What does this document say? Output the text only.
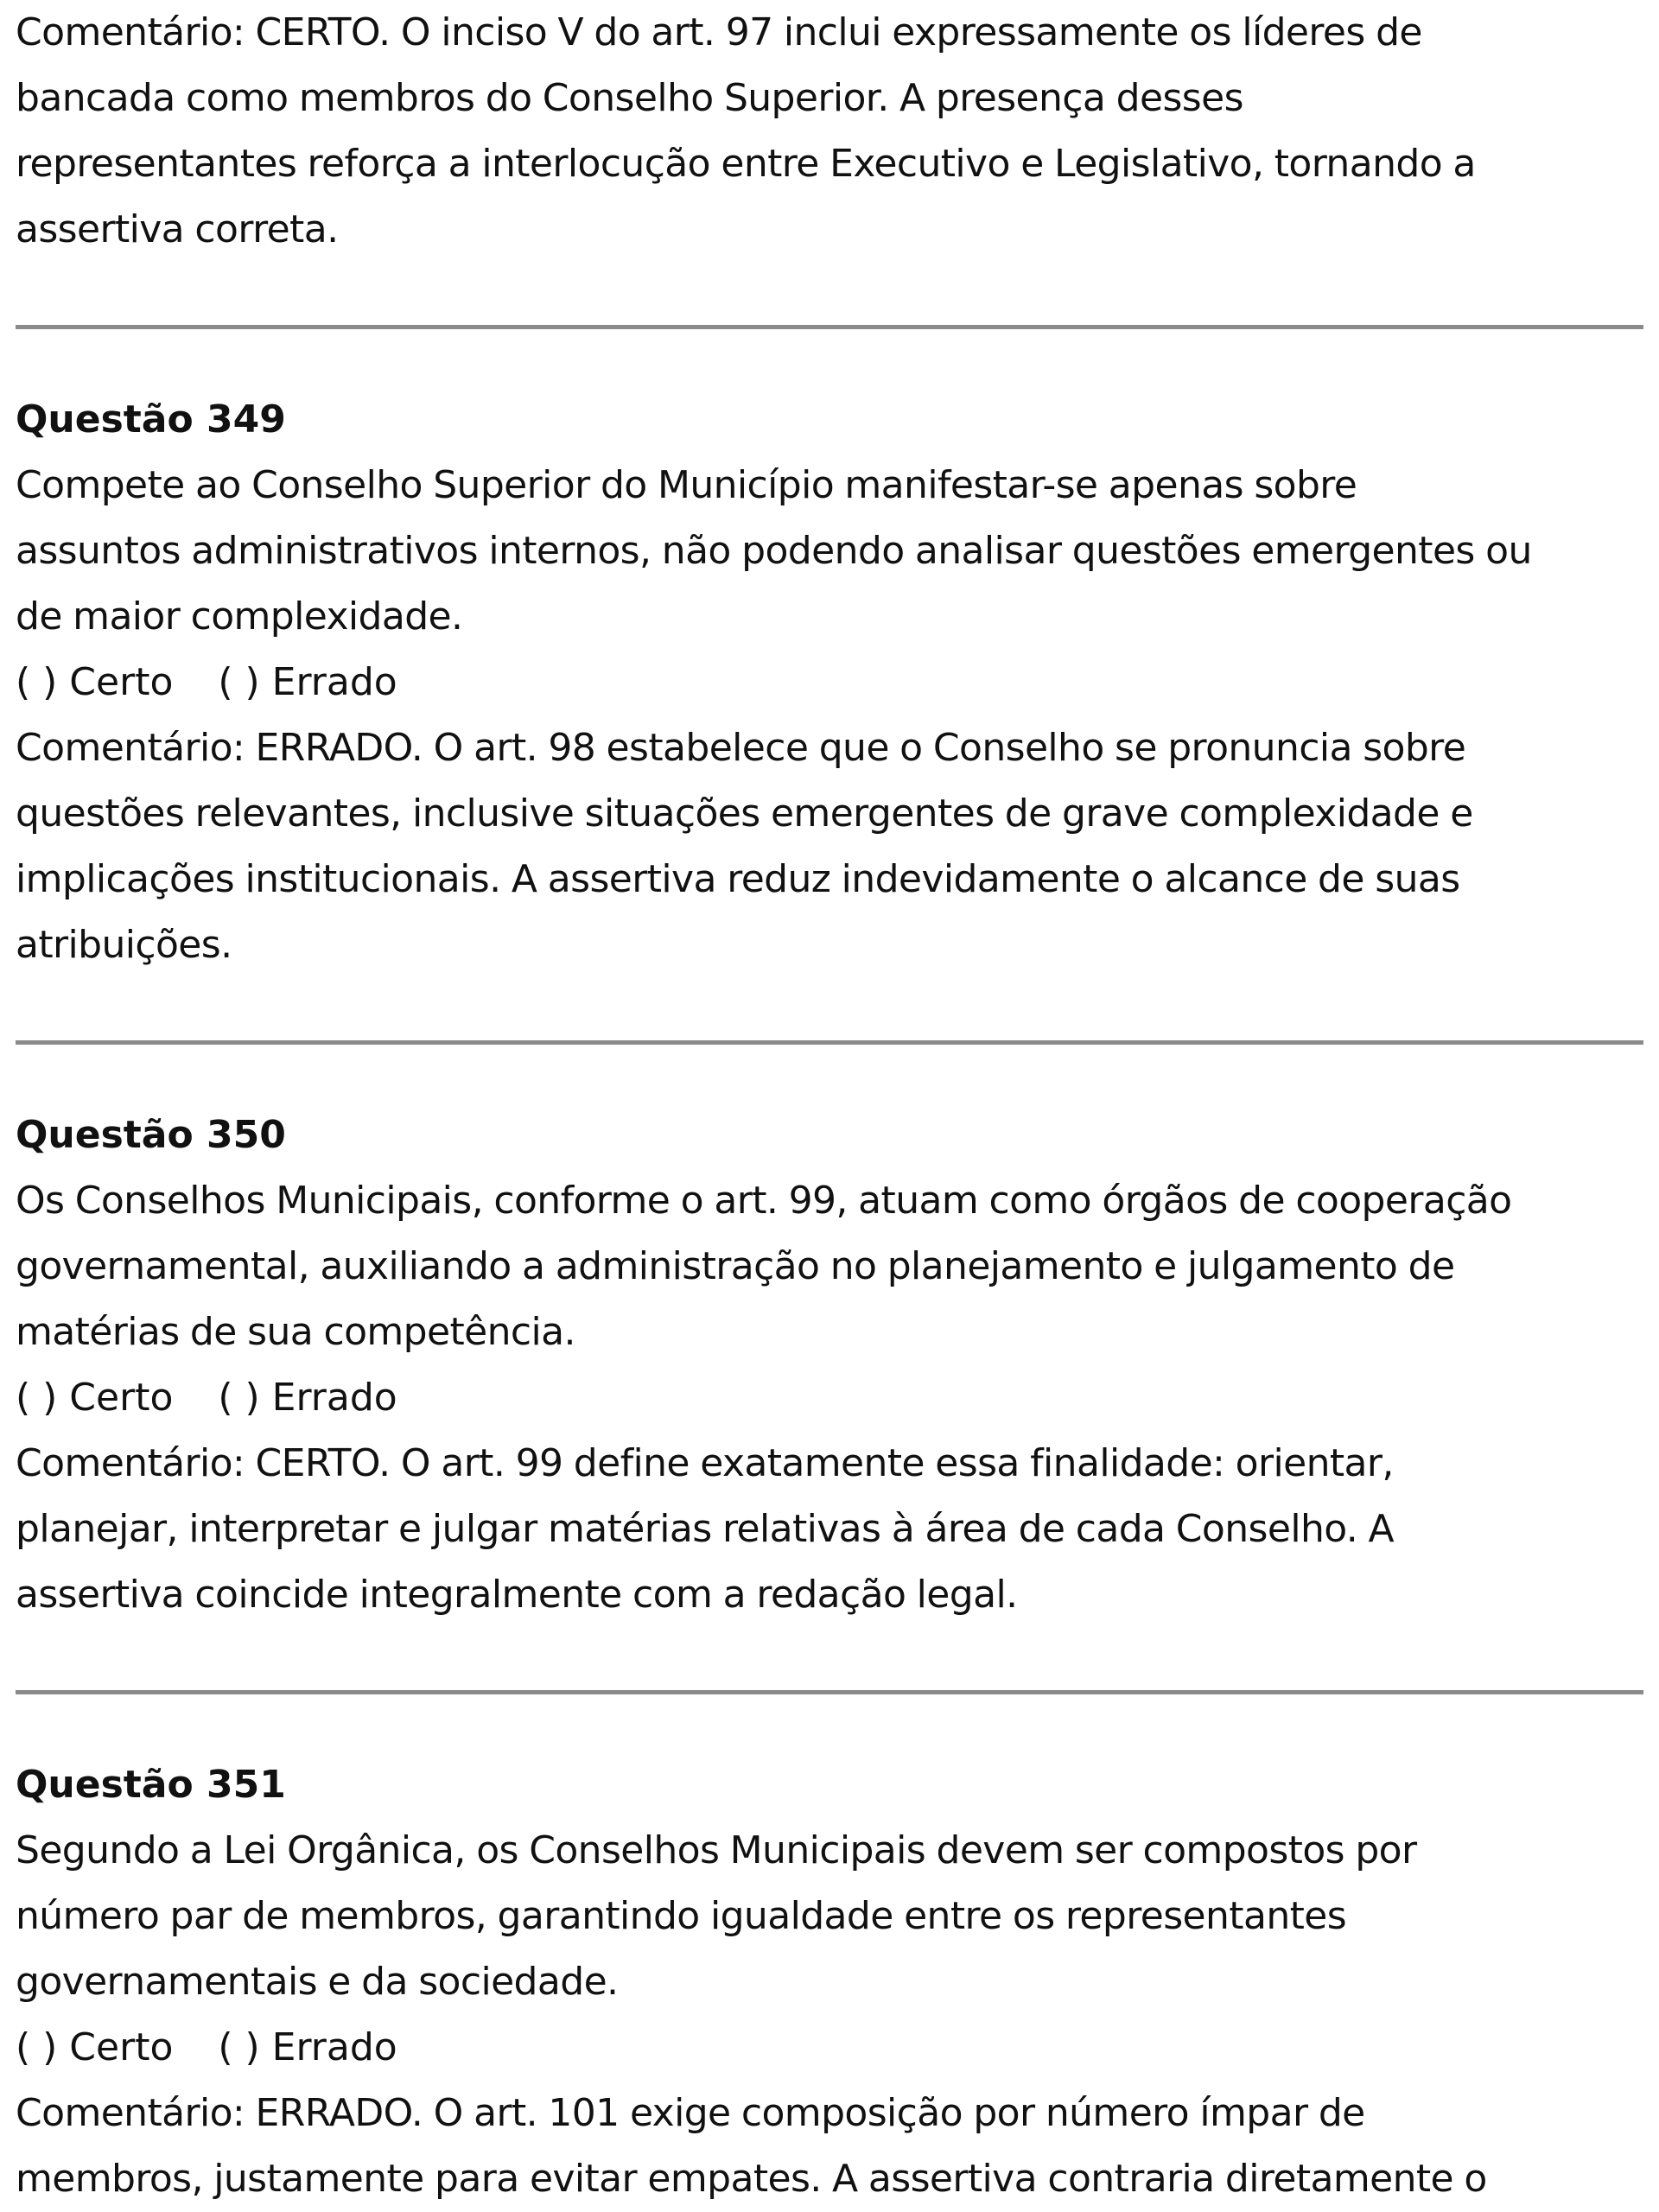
Comentário: CERTO. O inciso V do art. 97 inclui expressamente os líderes de
bancada como membros do Conselho Superior. A presença desses
representantes reforça a interlocução entre Executivo e Legislativo, tornando a
assertiva correta.
Questão 349
Compete ao Conselho Superior do Município manifestar-se apenas sobre
assuntos administrativos internos, não podendo analisar questões emergentes ou
de maior complexidade.
( ) Certo ( ) Errado
Comentário: ERRADO. O art. 98 estabelece que o Conselho se pronuncia sobre
questões relevantes, inclusive situações emergentes de grave complexidade e
implicações institucionais. A assertiva reduz indevidamente o alcance de suas
atribuições.
Questão 350
Os Conselhos Municipais, conforme o art. 99, atuam como órgãos de cooperação
governamental, auxiliando a administração no planejamento e julgamento de
matérias de sua competência.
( ) Certo ( ) Errado
Comentário: CERTO. O art. 99 define exatamente essa finalidade: orientar,
planejar, interpretar e julgar matérias relativas à área de cada Conselho. A
assertiva coincide integralmente com a redação legal.
Questão 351
Segundo a Lei Orgânica, os Conselhos Municipais devem ser compostos por
número par de membros, garantindo igualdade entre os representantes
governamentais e da sociedade.
( ) Certo ( ) Errado
Comentário: ERRADO. O art. 101 exige composição por número ímpar de
membros, justamente para evitar empates. A assertiva contraria diretamente o
